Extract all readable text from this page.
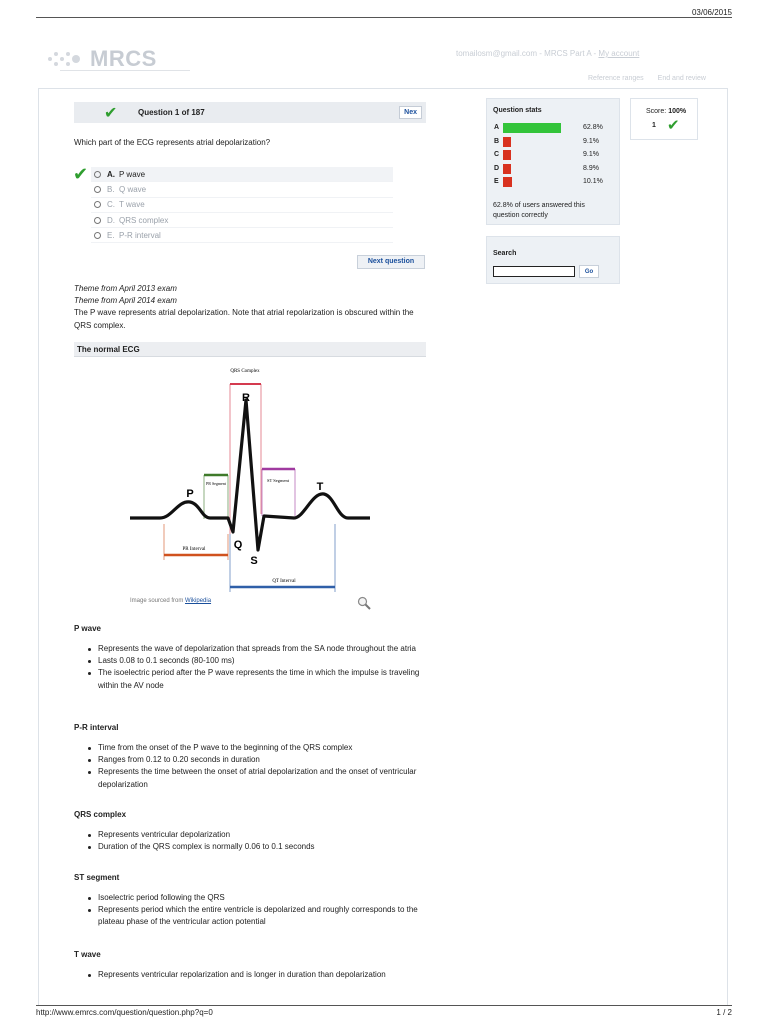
03/06/2015
MRCS	tomailosm@gmail.com - MRCS Part A - My account
Reference ranges End and review
✔	Question 1 of 187	Nex
Which part of the ECG represents atrial depolarization?
✔ A. P wave
B. Q wave
C. T wave
D. QRS complex
E. P-R interval
Next question
Theme from April 2013 exam
Theme from April 2014 exam
The P wave represents atrial depolarization. Note that atrial repolarization is obscured within the QRS complex.
The normal ECG
QRS Complex
R
PR Segment
ST Segment
P
T
Q
S
PR Interval
QT Interval
Image sourced from Wikipedia
P wave
Represents the wave of depolarization that spreads from the SA node throughout the atria
Lasts 0.08 to 0.1 seconds (80-100 ms)
The isoelectric period after the P wave represents the time in which the impulse is traveling within the AV node
P-R interval
Time from the onset of the P wave to the beginning of the QRS complex
Ranges from 0.12 to 0.20 seconds in duration
Represents the time between the onset of atrial depolarization and the onset of ventricular depolarization
QRS complex
Represents ventricular depolarization
Duration of the QRS complex is normally 0.06 to 0.1 seconds
ST segment
Isoelectric period following the QRS
Represents period which the entire ventricle is depolarized and roughly corresponds to the plateau phase of the ventricular action potential
T wave
Represents ventricular repolarization and is longer in duration than depolarization
Question stats
A	62.8%
B	9.1%
C	9.1%
D	8.9%
E	10.1%
62.8% of users answered this question correctly
Score: 100%
1 ✔
Search
Go
http://www.emrcs.com/question/question.php?q=0	1 / 2
